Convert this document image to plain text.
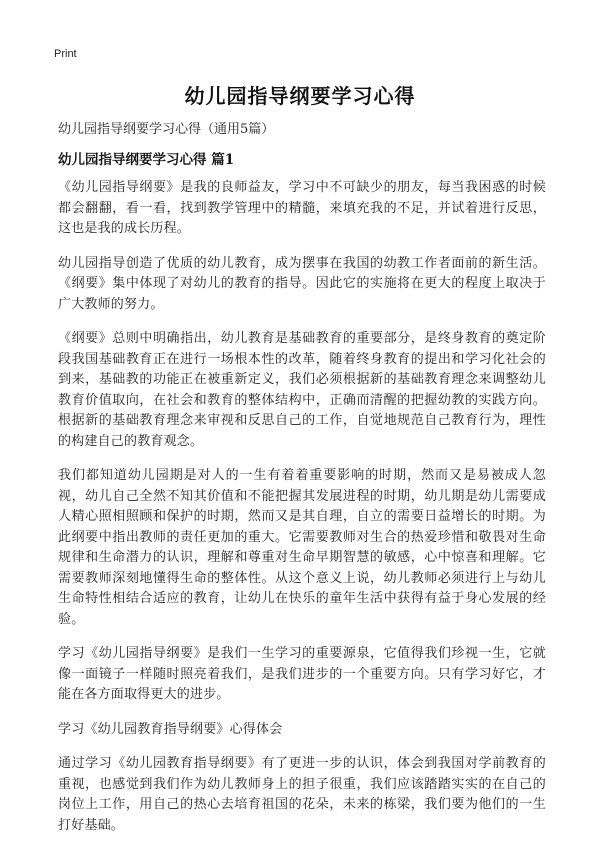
Print
幼儿园指导纲要学习心得

幼儿园指导纲要学习心得（通用5篇）

幼儿园指导纲要学习心得 篇1

《幼儿园指导纲要》是我的良师益友，学习中不可缺少的朋友，每当我困惑的时候都会翻翻，看一看，找到教学管理中的精髓，来填充我的不足，并试着进行反思，这也是我的成长历程。

幼儿园指导创造了优质的幼儿教育，成为摆事在我国的幼教工作者面前的新生活。《纲要》集中体现了对幼儿的教育的指导。因此它的实施将在更大的程度上取决于广大教师的努力。

《纲要》总则中明确指出，幼儿教育是基础教育的重要部分，是终身教育的奠定阶段我国基础教育正在进行一场根本性的改革，随着终身教育的提出和学习化社会的到来，基础教的功能正在被重新定义，我们必须根据新的基础教育理念来调整幼儿教育价值取向，在社会和教育的整体结构中，正确而清醒的把握幼教的实践方向。根据新的基础教育理念来审视和反思自己的工作，自觉地规范自己教育行为，理性的构建自己的教育观念。

我们都知道幼儿园期是对人的一生有着着重要影响的时期，然而又是易被成人忽视，幼儿自己全然不知其价值和不能把握其发展进程的时期，幼儿期是幼儿需要成人精心照相照顾和保护的时期，然而又是其自理，自立的需要日益增长的时期。为此纲要中指出教师的责任更加的重大。它需要教师对生合的热爱珍惜和敬畏对生命规律和生命潜力的认识，理解和尊重对生命早期智慧的敏感，心中惊喜和理解。它需要教师深刻地懂得生命的整体性。从这个意义上说，幼儿教师必须进行上与幼儿生命特性相结合适应的教育，让幼儿在快乐的童年生活中获得有益于身心发展的经验。

学习《幼儿园指导纲要》是我们一生学习的重要源泉，它值得我们珍视一生，它就像一面镜子一样随时照亮着我们，是我们进步的一个重要方向。只有学习好它，才能在各方面取得更大的进步。

学习《幼儿园教育指导纲要》心得体会

通过学习《幼儿园教育指导纲要》有了更进一步的认识，体会到我国对学前教育的重视，也感觉到我们作为幼儿教师身上的担子很重，我们应该踏踏实实的在自己的岗位上工作，用自己的热心去培育祖国的花朵，未来的栋梁，我们要为他们的一生打好基础。
